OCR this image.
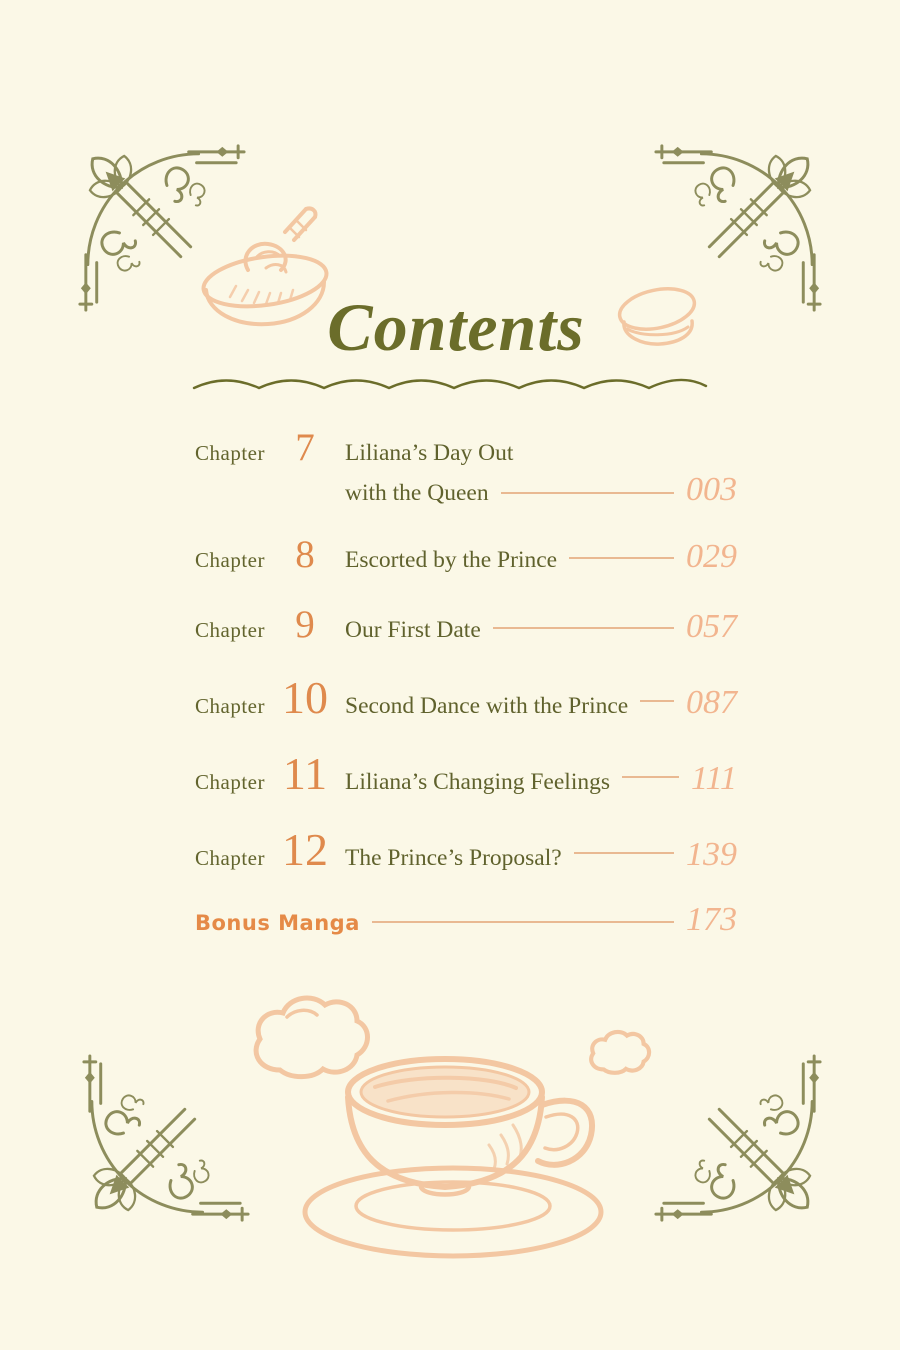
Contents
Chapter 7	Liliana’s Day Out
with the Queen	003
Chapter 8	Escorted by the Prince	029
Chapter 9	Our First Date	057
Chapter 10 Second Dance with the Prince 087
Chapter 11 Liliana’s Changing Feelings 111
Chapter 12 The Prince’s Proposal?	139
Bonus Manga	173
